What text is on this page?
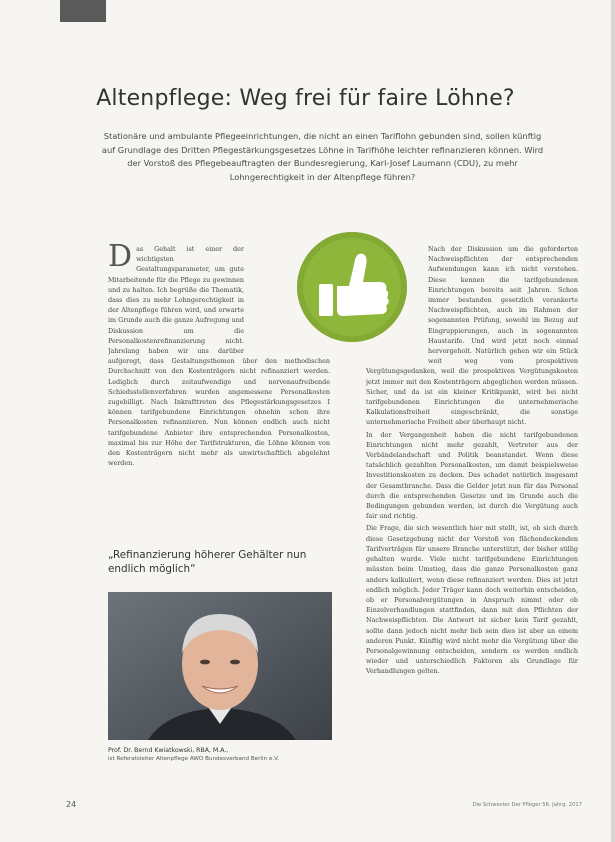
Altenpflege: Weg frei für faire Löhne?

Stationäre und ambulante Pflegeeinrichtungen, die nicht an einen Tariflohn gebunden sind, sollen künftig auf Grundlage des Dritten Pflegestärkungsgesetzes Löhne in Tarifhöhe leichter refinanzieren können. Wird der Vorstoß des Pflegebeauftragten der Bundesregierung, Karl-Josef Laumann (CDU), zu mehr Lohngerechtigkeit in der Altenpflege führen?

D as Gehalt ist einer der wichtigsten Gestaltungsparameter, um gute Mitarbeitende für die Pflege zu gewinnen und zu halten. Ich begrüße die Thematik, dass dies zu mehr Lohngerechtigkeit in der Altenpflege führen wird, und erwarte im Grunde auch die ganze Aufregung und Diskussion um die Personalkostenrefinanzierung nicht. Jahrelang haben wir uns darüber aufgeregt, dass Gestaltungsthemen über den methodischen Durchschnitt von den Kostenträgern nicht refinanziert werden. Lediglich durch zeitaufwendige und nervenaufreibende Schiedsstellenverfahren wurden angemessene Personalkosten zugebilligt. Nach Inkrafttreten des Pflegestärkungsgesetzes I können tarifgebundene Einrichtungen ohnehin schon ihre Personalkosten refinanzieren. Nun können endlich auch nicht tarifgebundene Anbieter ihre entsprechenden Personalkosten, maximal bis zur Höhe der Tarifstrukturen, die Löhne können von den Kostenträgern nicht mehr als unwirtschaftlich abgelehnt werden.

Nach der Diskussion um die geforderten Nachweispflichten der entsprechenden Aufwendungen kann ich nicht verstehen. Diese kennen die tarifgebundenen Einrichtungen bereits seit Jahren. Schon immer bestanden gesetzlich verankerte Nachweispflichten, auch im Rahmen der sogenannten Prüfung, sowohl im Bezug auf Eingruppierungen, auch in sogenannten Haustarife. Und wird jetzt noch einmal hervorgeholt. Natürlich gehen wir ein Stück weit weg vom prospektiven Vergütungsgedanken, weil die prospektiven Vergütungskosten jetzt immer mit den Kostenträgern abgeglichen werden müssen. Sicher, und da ist ein kleiner Kritikpunkt, wird bei nicht tarifgebundenen Einrichtungen die unternehmerische Kalkulationsfreiheit eingeschränkt, die sonstige unternehmerische Freiheit aber überhaupt nicht.

In der Vergangenheit haben die nicht tarifgebundenen Einrichtungen nicht mehr gezahlt, Vertreter aus der Verbändelandschaft und Politik beanstandet. Wenn diese tatsächlich gezahlten Personalkosten, um damit beispielsweise Investitionskosten zu decken. Das schadet natürlich insgesamt der Gesamtbranche. Dass die Gelder jetzt nun für das Personal durch die entsprechenden Gesetze und im Grunde auch die Bedingungen gebunden werden, ist durch die Vergütung auch fair und richtig.

Die Frage, die sich wesentlich hier mit stellt, ist, ob sich durch diese Gesetzgebung nicht der Vorstoß von flächendeckenden Tarifverträgen für unsere Branche unterstützt, der bisher stillig gehalten wurde. Viele nicht tarifgebundene Einrichtungen müssten beim Umstieg, dass die ganze Personalkosten ganz anders kalkuliert, wenn diese refinanziert werden. Dies ist jetzt endlich möglich. Jeder Träger kann doch weiterhin entscheiden, ob er Personalvergütungen in Anspruch nimmt oder ob Einzelverhandlungen stattfinden, dann mit den Pflichten der Nachweispflichten. Die Antwort ist sicher kein Tarif gezahlt, sollte dann jedoch nicht mehr lieb sein dies ist aber an einem anderen Punkt. Künftig wird nicht mehr die Vergütung über die Personalgewinnung entscheiden, sondern es werden endlich wieder und unterschiedlich Faktoren als Grundlage für Verhandlungen gelten.

„Refinanzierung höherer Gehälter nun endlich möglich“

Prof. Dr. Bernd Kwiatkowski, RBA, M.A.,

ist Referatsleiter Altenpflege AWO Bundesverband Berlin e.V.

24	Die Schwester Der Pfleger 56. Jahrg. 2017
